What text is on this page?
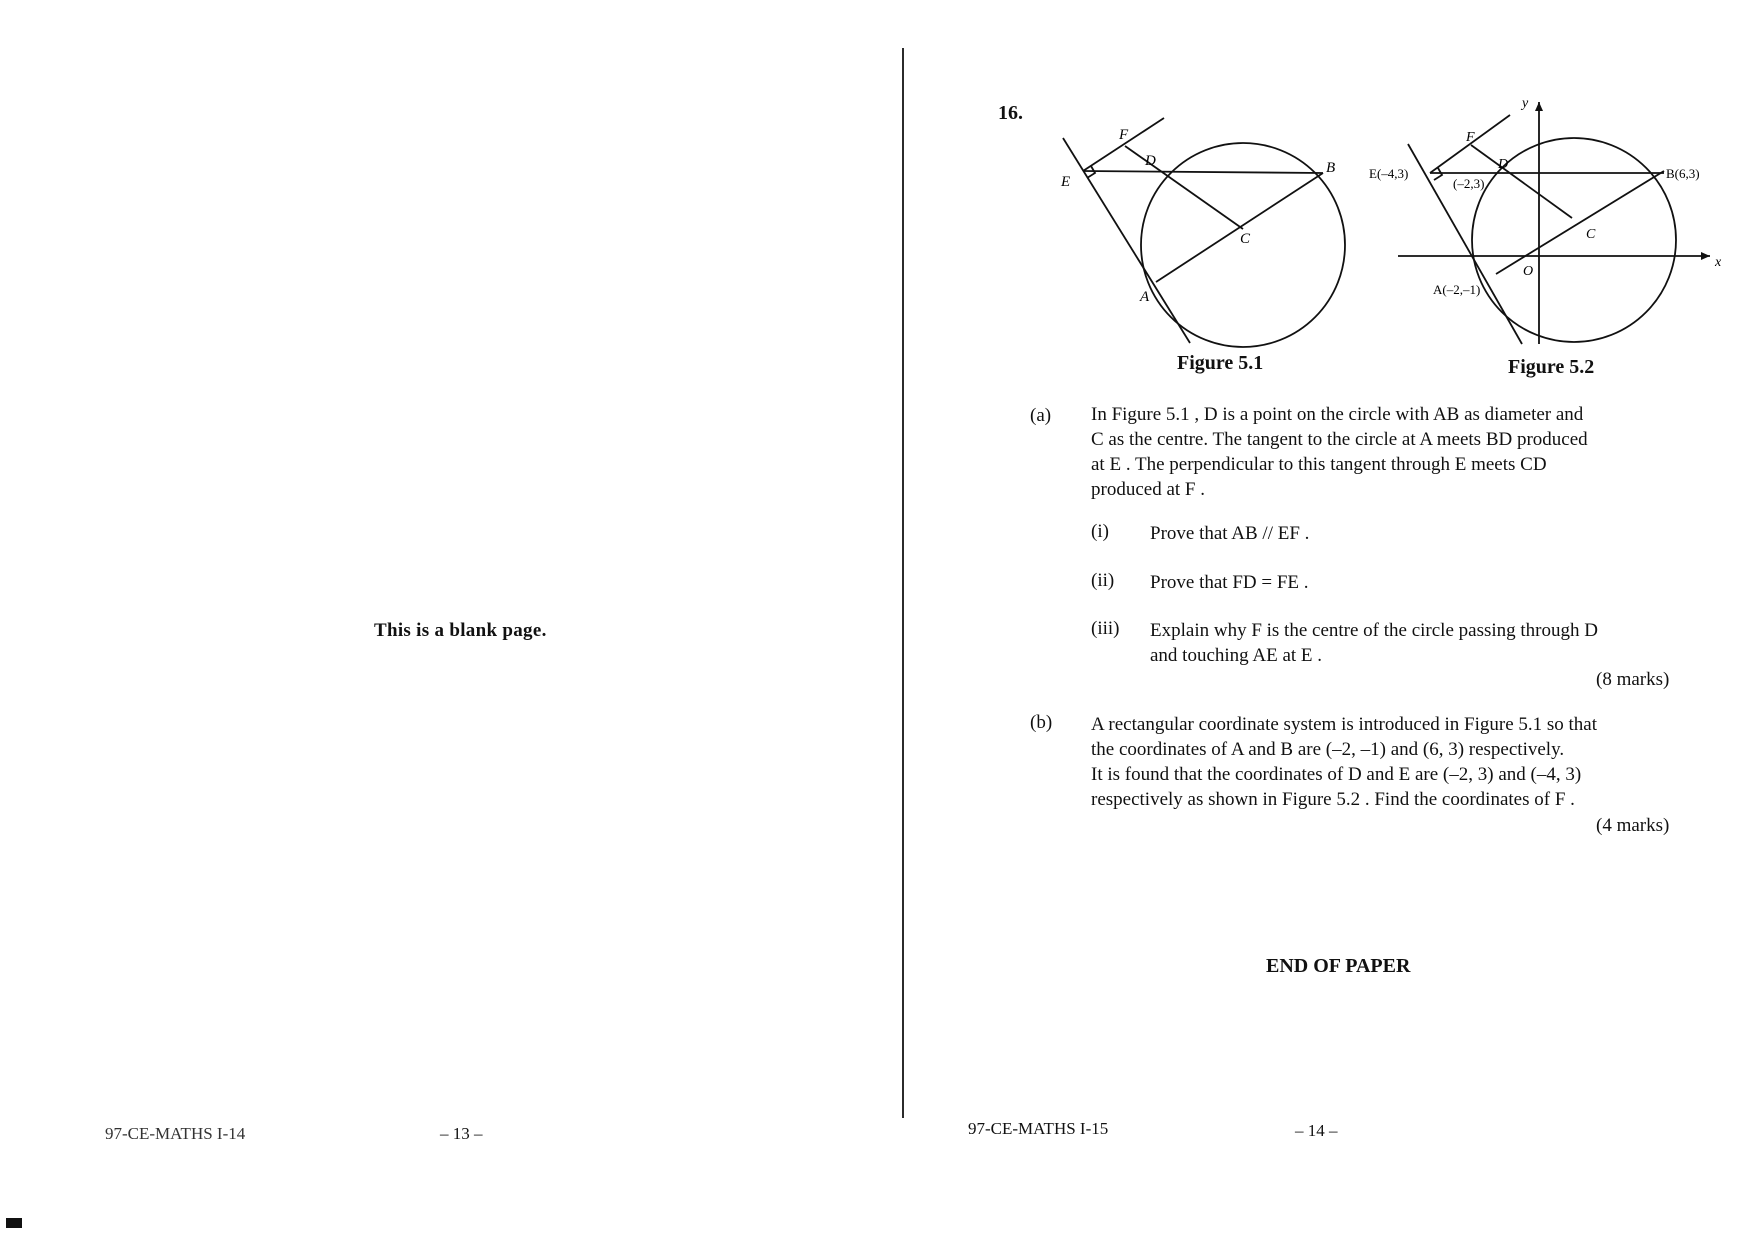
This is a blank page.
97-CE-MATHS I-14	– 13 –
16.
F
D	B
E
C
A
Figure 5.1
y
x
F
D
E(–4,3)
(–2,3)
B(6,3)
C
O
A(–2,–1)
Figure 5.2
(a) In Figure 5.1 , D is a point on the circle with AB as diameter and
C as the centre. The tangent to the circle at A meets BD produced
at E . The perpendicular to this tangent through E meets CD
produced at F .
(i) Prove that AB // EF .
(ii) Prove that FD = FE .
(iii) Explain why F is the centre of the circle passing through D
and touching AE at E .
(8 marks)
(b) A rectangular coordinate system is introduced in Figure 5.1 so that
the coordinates of A and B are (–2, –1) and (6, 3) respectively.
It is found that the coordinates of D and E are (–2, 3) and (–4, 3)
respectively as shown in Figure 5.2 . Find the coordinates of F .
(4 marks)
END OF PAPER
97-CE-MATHS I-15	– 14 –
